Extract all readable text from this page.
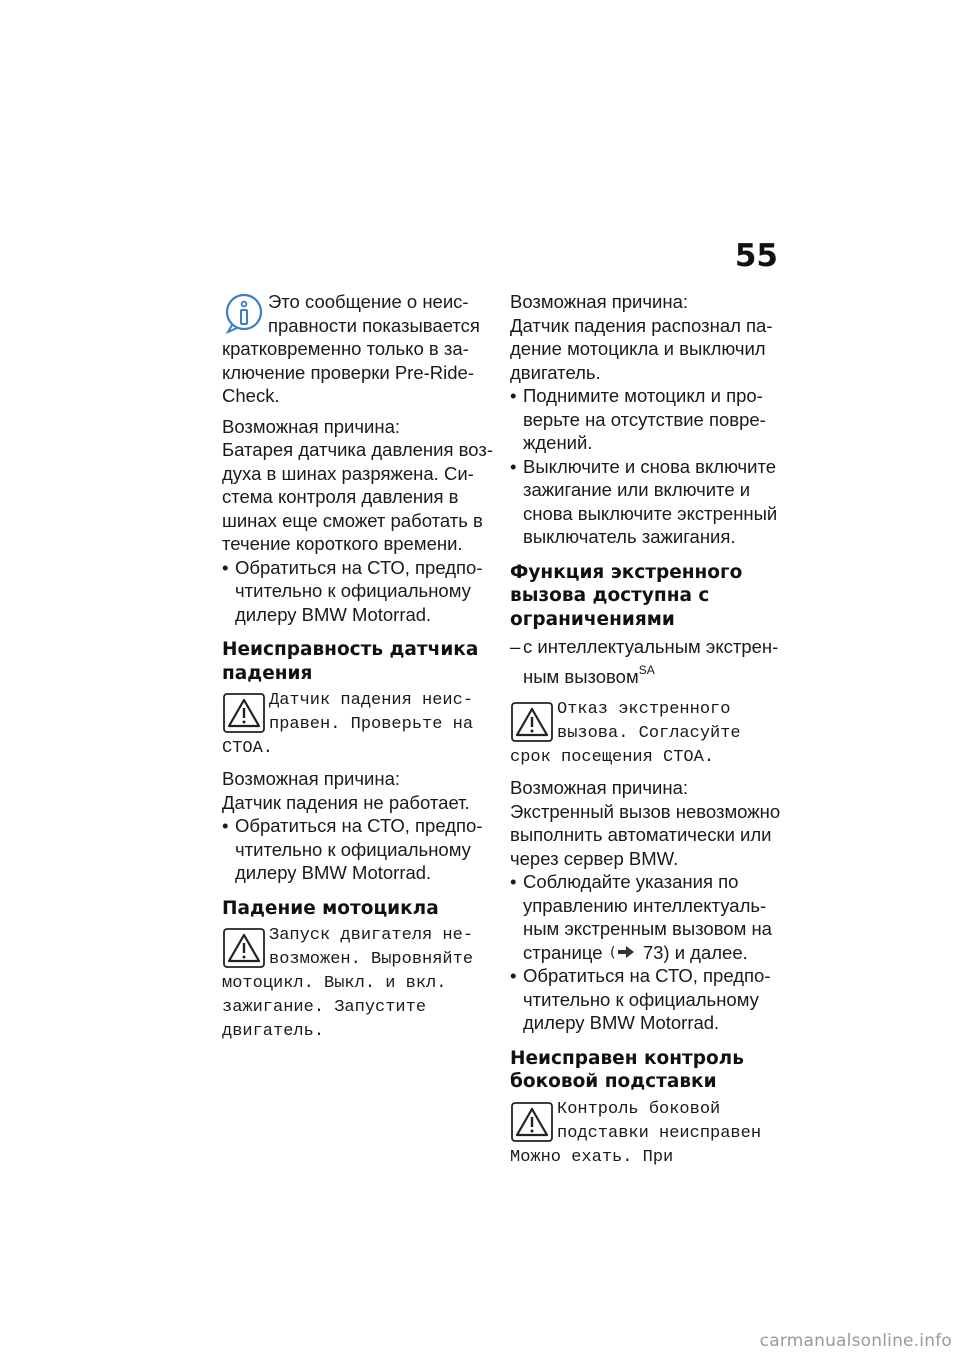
55
Это сообщение о неисправности показывается кратковременно только в заключение проверки Pre-Ride-Check.
Возможная причина:
Батарея датчика давления воздуха в шинах разряжена. Система контроля давления в шинах еще сможет работать в течение короткого времени.
• Обратиться на СТО, предпочтительно к официальному дилеру BMW Motorrad.
Неисправность датчика падения
Датчик падения неисправен. Проверьте на СТОА.
Возможная причина:
Датчик падения не работает.
• Обратиться на СТО, предпочтительно к официальному дилеру BMW Motorrad.
Падение мотоцикла
Запуск двигателя невозможен. Выровняйте мотоцикл. Выкл. и вкл. зажигание. Запустите двигатель.
Возможная причина:
Датчик падения распознал падение мотоцикла и выключил двигатель.
• Поднимите мотоцикл и проверьте на отсутствие повреждений.
• Выключите и снова включите зажигание или включите и снова выключите экстренный выключатель зажигания.
Функция экстренного вызова доступна с ограничениями
– с интеллектуальным экстренным вызовом$^{SA}$
Отказ экстренного вызова. Согласуйте срок посещения СТОА.
Возможная причина:
Экстренный вызов невозможно выполнить автоматически или через сервер BMW.
• Соблюдайте указания по управлению интеллектуальным экстренным вызовом на странице ( 73) и далее.
• Обратиться на СТО, предпочтительно к официальному дилеру BMW Motorrad.
Неисправен контроль боковой подставки
Контроль боковой подставки неисправен Можно ехать. При
carmanualsonline.info
